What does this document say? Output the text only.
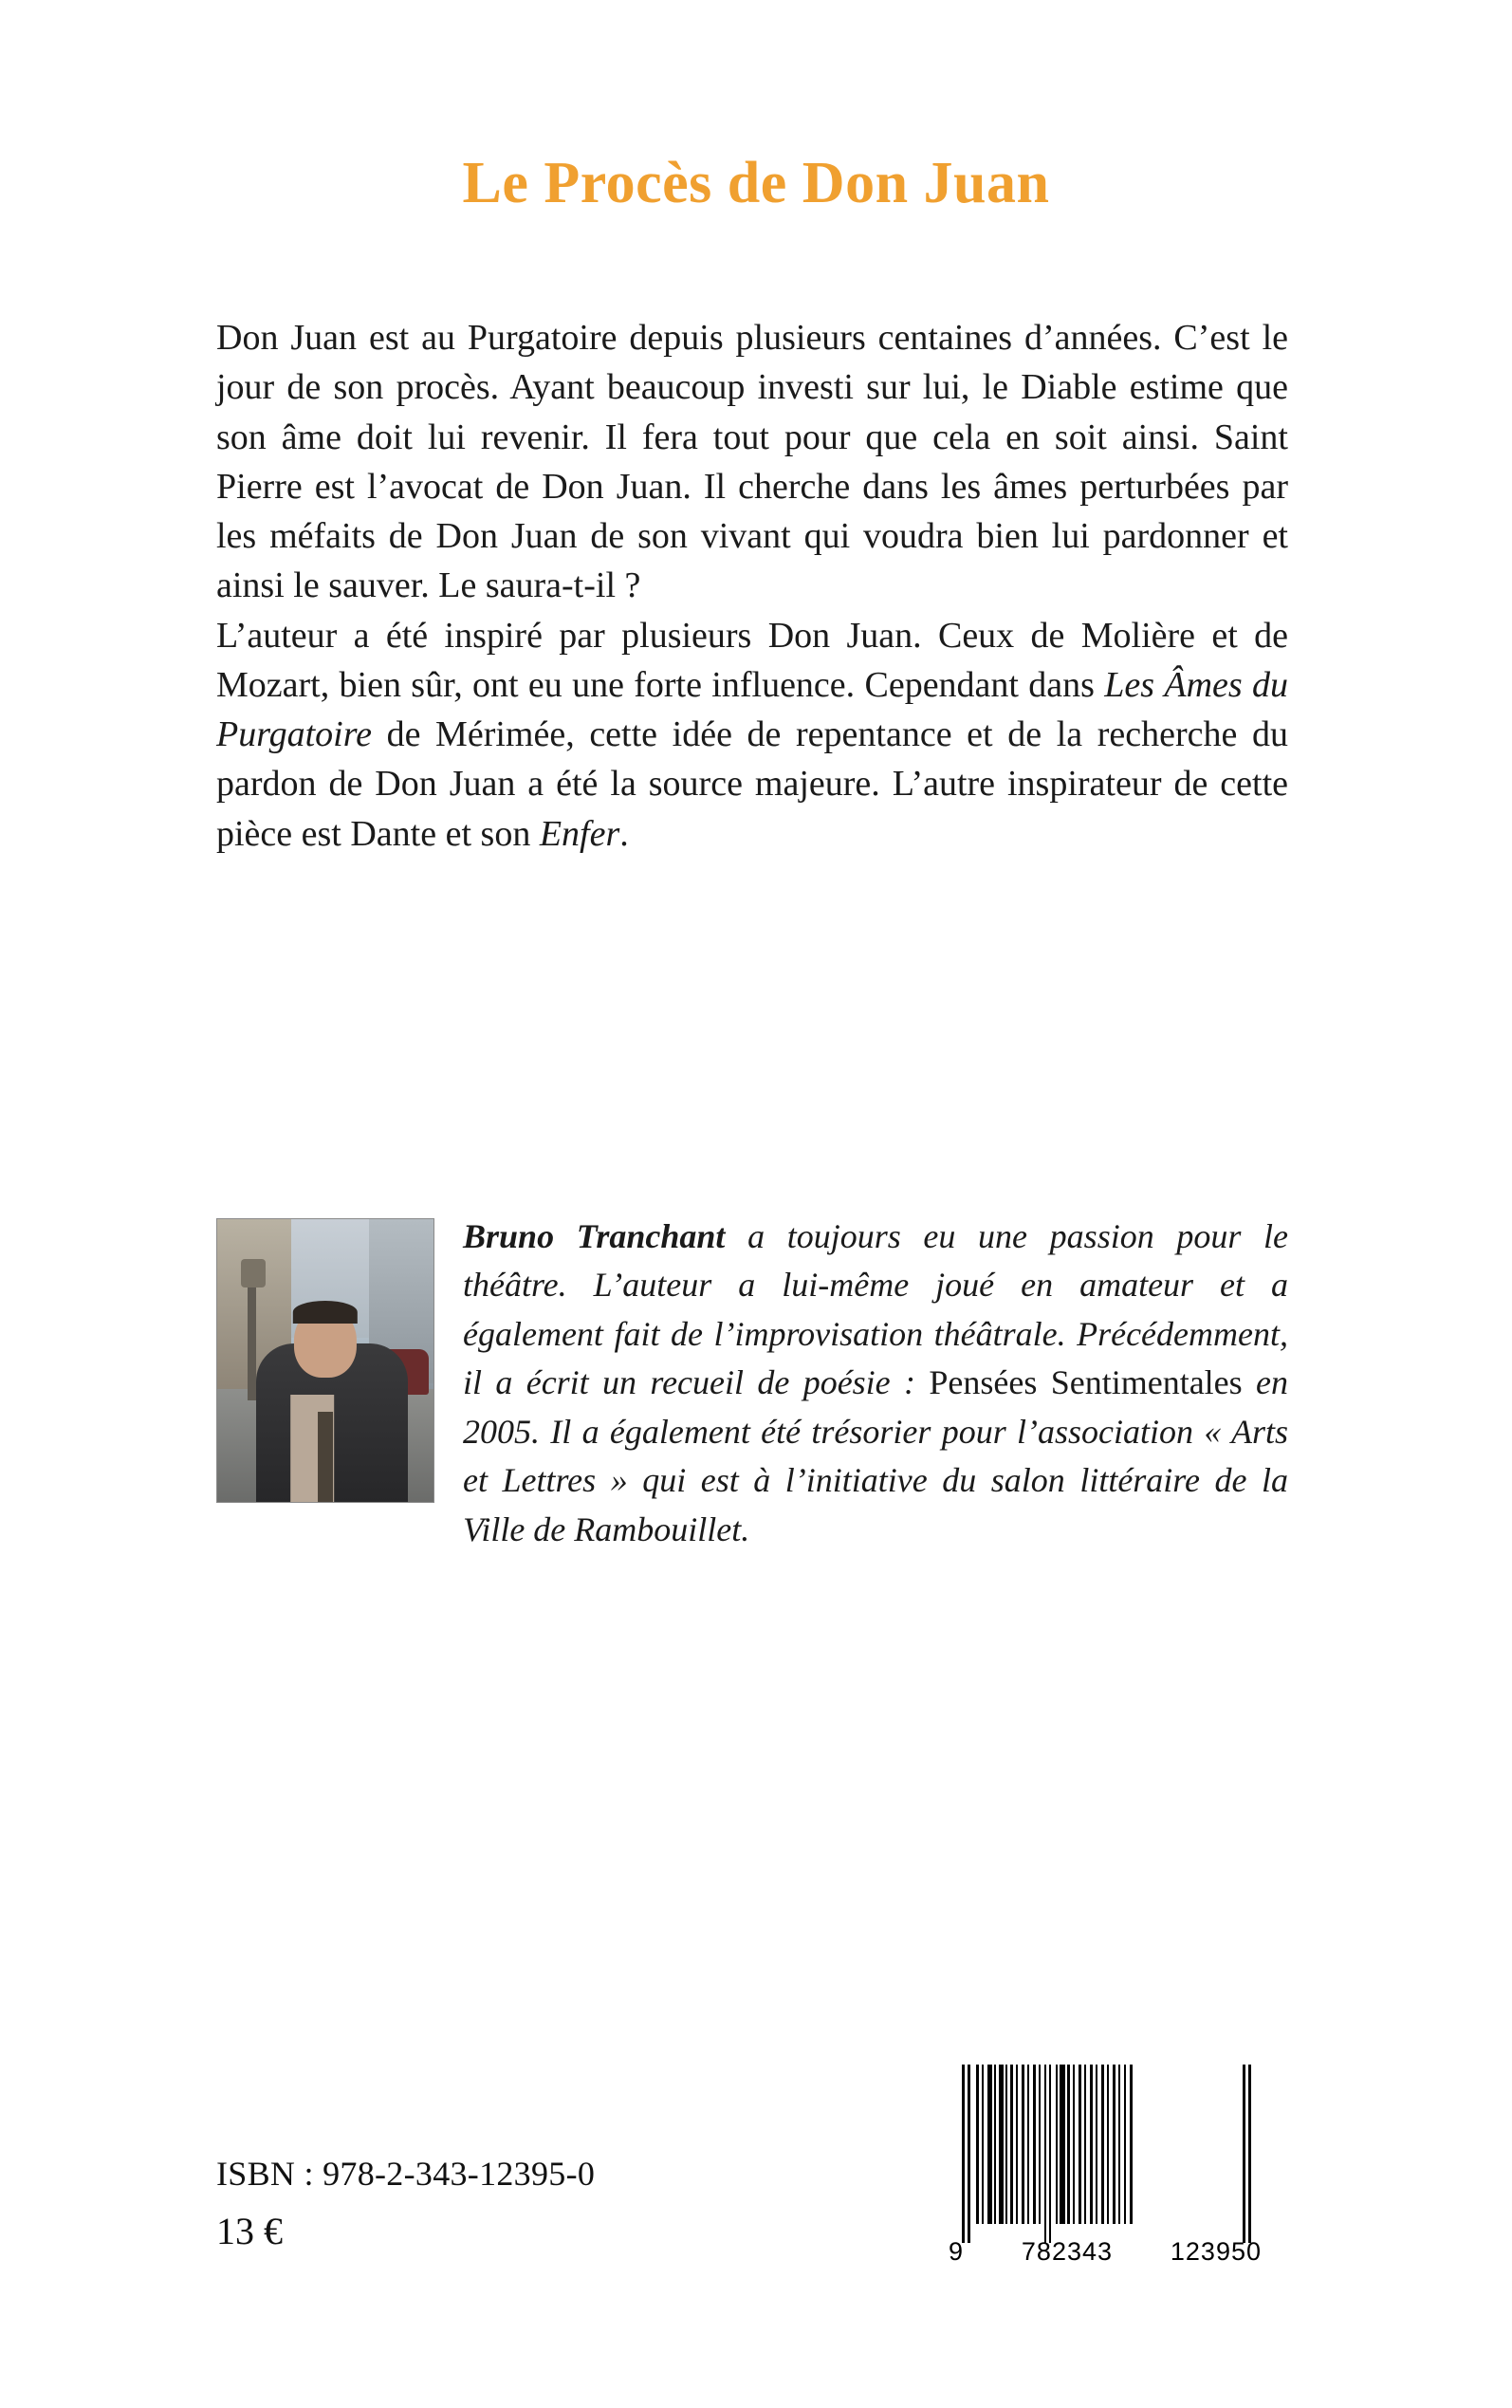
Le Procès de Don Juan

Don Juan est au Purgatoire depuis plusieurs centaines d’années. C’est le jour de son procès. Ayant beaucoup investi sur lui, le Diable estime que son âme doit lui revenir. Il fera tout pour que cela en soit ainsi. Saint Pierre est l’avocat de Don Juan. Il cherche dans les âmes perturbées par les méfaits de Don Juan de son vivant qui voudra bien lui pardonner et ainsi le sauver. Le saura-t-il ?

L’auteur a été inspiré par plusieurs Don Juan. Ceux de Molière et de Mozart, bien sûr, ont eu une forte influence. Cependant dans Les Âmes du Purgatoire de Mérimée, cette idée de repentance et de la recherche du pardon de Don Juan a été la source majeure. L’autre inspirateur de cette pièce est Dante et son Enfer.

Bruno Tranchant a toujours eu une passion pour le théâtre. L’auteur a lui-même joué en amateur et a également fait de l’improvisation théâtrale. Précédemment, il a écrit un recueil de poésie : Pensées Sentimentales en 2005. Il a également été trésorier pour l’association « Arts et Lettres » qui est à l’initiative du salon littéraire de la Ville de Rambouillet.
ISBN : 978-2-343-12395-0
13 €	9 782343 123950
